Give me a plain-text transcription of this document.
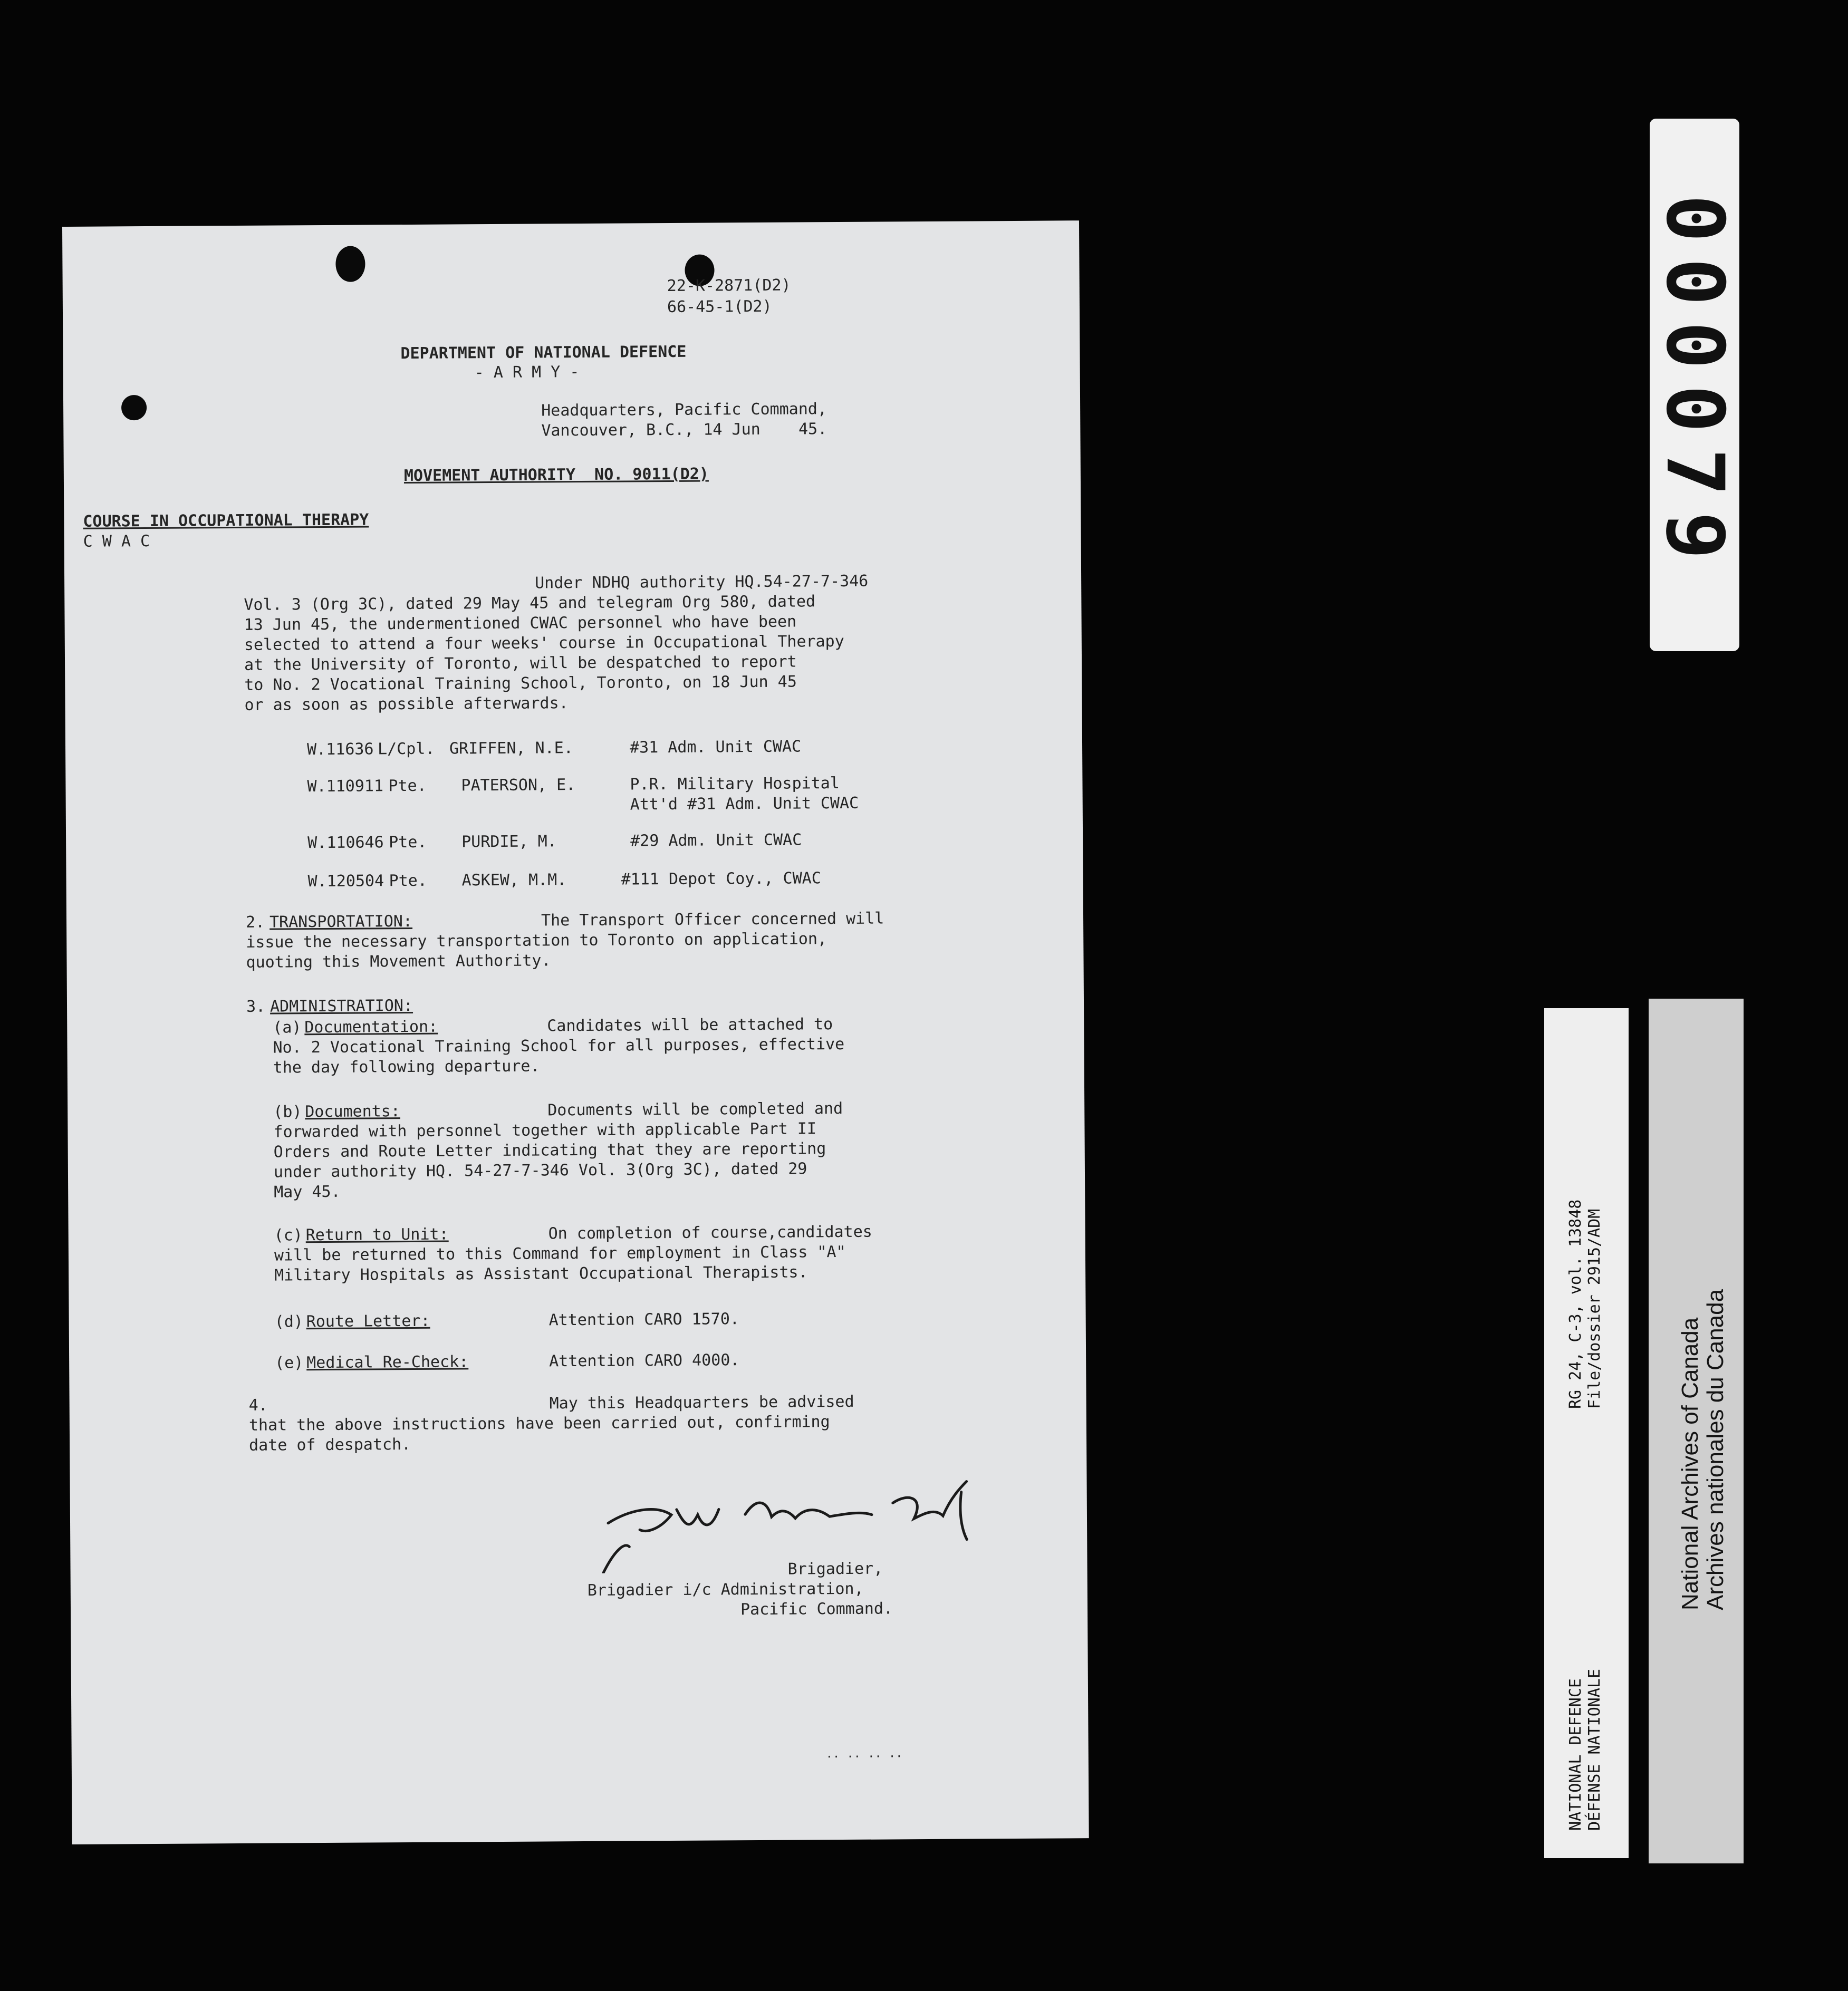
22-K-2871(D2)
66-45-1(D2)
DEPARTMENT OF NATIONAL DEFENCE
- A R M Y -
Headquarters, Pacific Command,
Vancouver, B.C., 14 Jun    45.
MOVEMENT AUTHORITY  NO. 9011(D2)
COURSE IN OCCUPATIONAL THERAPY
C W A C
Under NDHQ authority HQ.54-27-7-346
Vol. 3 (Org 3C), dated 29 May 45 and telegram Org 580, dated
13 Jun 45, the undermentioned CWAC personnel who have been
selected to attend a four weeks' course in Occupational Therapy
at the University of Toronto, will be despatched to report
to No. 2 Vocational Training School, Toronto, on 18 Jun 45
or as soon as possible afterwards.
W.11636 L/Cpl. GRIFFEN, N.E.	#31 Adm. Unit CWAC
W.110911 Pte. PATERSON, E.	P.R. Military Hospital
Att'd #31 Adm. Unit CWAC
W.110646 Pte. PURDIE, M.	#29 Adm. Unit CWAC
W.120504 Pte. ASKEW, M.M.	#111 Depot Coy., CWAC
2. TRANSPORTATION:	The Transport Officer concerned will
issue the necessary transportation to Toronto on application,
quoting this Movement Authority.
3. ADMINISTRATION:
(a) Documentation:	Candidates will be attached to
No. 2 Vocational Training School for all purposes, effective
the day following departure.
(b) Documents:	Documents will be completed and
forwarded with personnel together with applicable Part II
Orders and Route Letter indicating that they are reporting
under authority HQ. 54-27-7-346 Vol. 3(Org 3C), dated 29
May 45.
(c) Return to Unit:	On completion of course,candidates
will be returned to this Command for employment in Class "A"
Military Hospitals as Assistant Occupational Therapists.
(d) Route Letter:	Attention CARO 1570.
(e) Medical Re-Check:	Attention CARO 4000.
4.	May this Headquarters be advised
that the above instructions have been carried out, confirming
date of despatch.
Brigadier,
Brigadier i/c Administration,
Pacific Command.
.. .. .. ..
000079
RG 24, C-3, vol. 13848 File/dossier 2915/ADM
NATIONAL DEFENCE DÉFENSE NATIONALE
National Archives of Canada Archives nationales du Canada
